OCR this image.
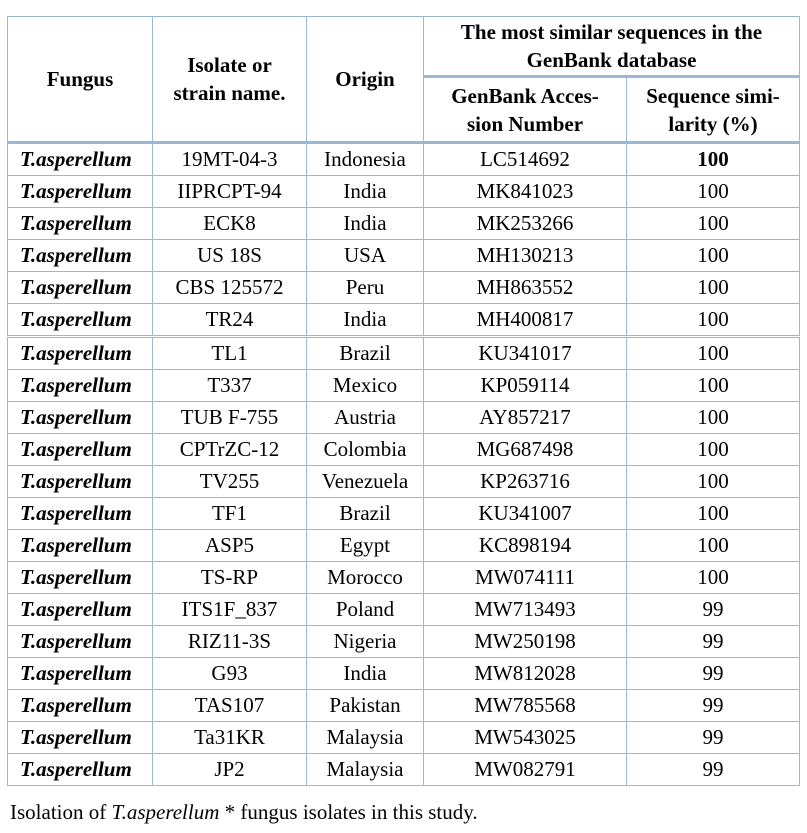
Fungus	Isolate or strain name.	Origin	The most similar sequences in the GenBank database	
			GenBank Acces-sion Number	Sequence simi-larity (%)
T.asperellum	19MT-04-3	Indonesia	LC514692	100
T.asperellum	IIPRCPT-94	India	MK841023	100
T.asperellum	ECK8	India	MK253266	100
T.asperellum	US 18S	USA	MH130213	100
T.asperellum	CBS 125572	Peru	MH863552	100
T.asperellum	TR24	India	MH400817	100
T.asperellum	TL1	Brazil	KU341017	100
T.asperellum	T337	Mexico	KP059114	100
T.asperellum	TUB F-755	Austria	AY857217	100
T.asperellum	CPTrZC-12	Colombia	MG687498	100
T.asperellum	TV255	Venezuela	KP263716	100
T.asperellum	TF1	Brazil	KU341007	100
T.asperellum	ASP5	Egypt	KC898194	100
T.asperellum	TS-RP	Morocco	MW074111	100
T.asperellum	ITS1F_837	Poland	MW713493	99
T.asperellum	RIZ11-3S	Nigeria	MW250198	99
T.asperellum	G93	India	MW812028	99
T.asperellum	TAS107	Pakistan	MW785568	99
T.asperellum	Ta31KR	Malaysia	MW543025	99
T.asperellum	JP2	Malaysia	MW082791	99
Isolation of T.asperellum * fungus isolates in this study.
